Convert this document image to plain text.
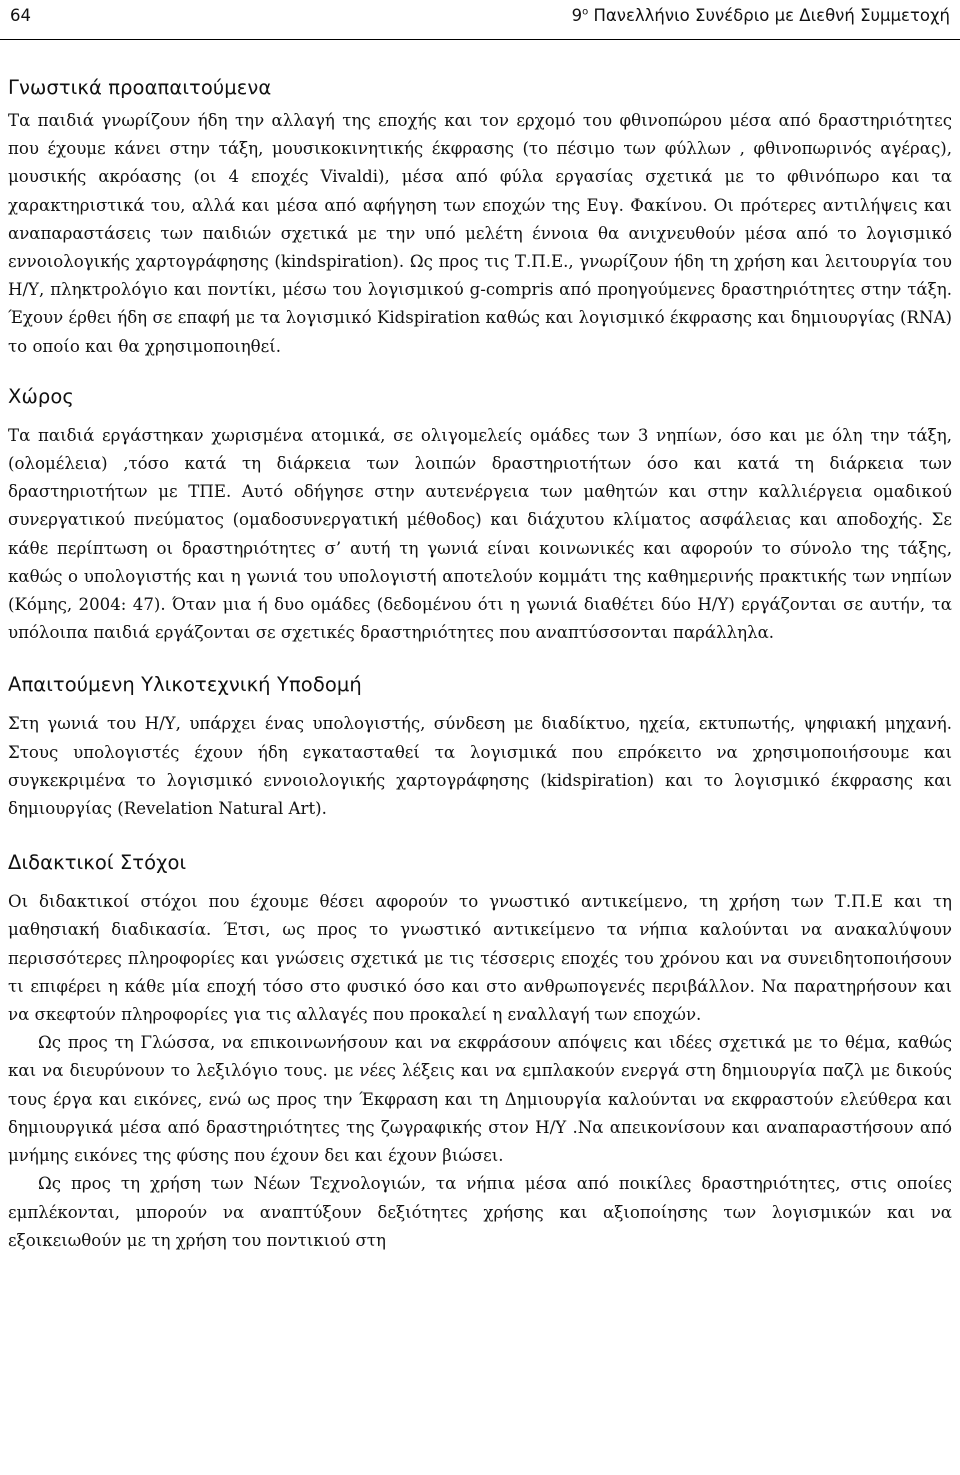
64	$9^o$ Πανελλήνιο Συνέδριο με Διεθνή Συμμετοχή
Γνωστικά προαπαιτούμενα

Τα παιδιά γνωρίζουν ήδη την αλλαγή της εποχής και τον ερχομό του φθινοπώρου μέσα από δραστηριότητες που έχουμε κάνει στην τάξη, μουσικοκινητικής έκφρασης (το πέσιμο των φύλλων , φθινοπωρινός αγέρας), μουσικής ακρόασης (οι 4 εποχές Vivaldi), μέσα από φύλα εργασίας σχετικά με το φθινόπωρο και τα χαρακτηριστικά του, αλλά και μέσα από αφήγηση των εποχών της Ευγ. Φακίνου. Οι πρότερες αντιλήψεις και αναπαραστάσεις των παιδιών σχετικά με την υπό μελέτη έννοια θα ανιχνευθούν μέσα από το λογισμικό εννοιολογικής χαρτογράφησης (kindspiration). Ως προς τις Τ.Π.Ε., γνωρίζουν ήδη τη χρήση και λειτουργία του Η/Υ, πληκτρολόγιο και ποντίκι, μέσω του λογισμικού g-compris από προηγούμενες δραστηριότητες στην τάξη. Έχουν έρθει ήδη σε επαφή με τα λογισμικό Kidspiration καθώς και λογισμικό έκφρασης και δημιουργίας (RNA) το οποίο και θα χρησιμοποιηθεί.

Χώρος

Τα παιδιά εργάστηκαν χωρισμένα ατομικά, σε ολιγομελείς ομάδες των 3 νηπίων, όσο και με όλη την τάξη, (ολομέλεια) ,τόσο κατά τη διάρκεια των λοιπών δραστηριοτήτων όσο και κατά τη διάρκεια των δραστηριοτήτων με ΤΠΕ. Αυτό οδήγησε στην αυτενέργεια των μαθητών και στην καλλιέργεια ομαδικού συνεργατικού πνεύματος (ομαδοσυνεργατική μέθοδος) και διάχυτου κλίματος ασφάλειας και αποδοχής. Σε κάθε περίπτωση οι δραστηριότητες σ’ αυτή τη γωνιά είναι κοινωνικές και αφορούν το σύνολο της τάξης, καθώς ο υπολογιστής και η γωνιά του υπολογιστή αποτελούν κομμάτι της καθημερινής πρακτικής των νηπίων (Κόμης, 2004: 47). Όταν μια ή δυο ομάδες (δεδομένου ότι η γωνιά διαθέτει δύο Η/Υ) εργάζονται σε αυτήν, τα υπόλοιπα παιδιά εργάζονται σε σχετικές δραστηριότητες που αναπτύσσονται παράλληλα.

Απαιτούμενη Υλικοτεχνική Υποδομή

Στη γωνιά του Η/Υ, υπάρχει ένας υπολογιστής, σύνδεση με διαδίκτυο, ηχεία, εκτυπωτής, ψηφιακή μηχανή. Στους υπολογιστές έχουν ήδη εγκατασταθεί τα λογισμικά που επρόκειτο να χρησιμοποιήσουμε και συγκεκριμένα το λογισμικό εννοιολογικής χαρτογράφησης (kidspiration) και το λογισμικό έκφρασης και δημιουργίας (Revelation Natural Art).

Διδακτικοί Στόχοι

Οι διδακτικοί στόχοι που έχουμε θέσει αφορούν το γνωστικό αντικείμενο, τη χρήση των Τ.Π.Ε και τη μαθησιακή διαδικασία. Έτσι, ως προς το γνωστικό αντικείμενο τα νήπια καλούνται να ανακαλύψουν περισσότερες πληροφορίες και γνώσεις σχετικά με τις τέσσερις εποχές του χρόνου και να συνειδητοποιήσουν τι επιφέρει η κάθε μία εποχή τόσο στο φυσικό όσο και στο ανθρωπογενές περιβάλλον. Να παρατηρήσουν και να σκεφτούν πληροφορίες για τις αλλαγές που προκαλεί η εναλλαγή των εποχών.

Ως προς τη Γλώσσα, να επικοινωνήσουν και να εκφράσουν απόψεις και ιδέες σχετικά με το θέμα, καθώς και να διευρύνουν το λεξιλόγιο τους. με νέες λέξεις και να εμπλακούν ενεργά στη δημιουργία παζλ με δικούς τους έργα και εικόνες, ενώ ως προς την Έκφραση και τη Δημιουργία καλούνται να εκφραστούν ελεύθερα και δημιουργικά μέσα από δραστηριότητες της ζωγραφικής στον Η/Υ .Να απεικονίσουν και αναπαραστήσουν από μνήμης εικόνες της φύσης που έχουν δει και έχουν βιώσει.

Ως προς τη χρήση των Νέων Τεχνολογιών, τα νήπια μέσα από ποικίλες δραστηριότητες, στις οποίες εμπλέκονται, μπορούν να αναπτύξουν δεξιότητες χρήσης και αξιοποίησης των λογισμικών και να εξοικειωθούν με τη χρήση του ποντικιού στη
